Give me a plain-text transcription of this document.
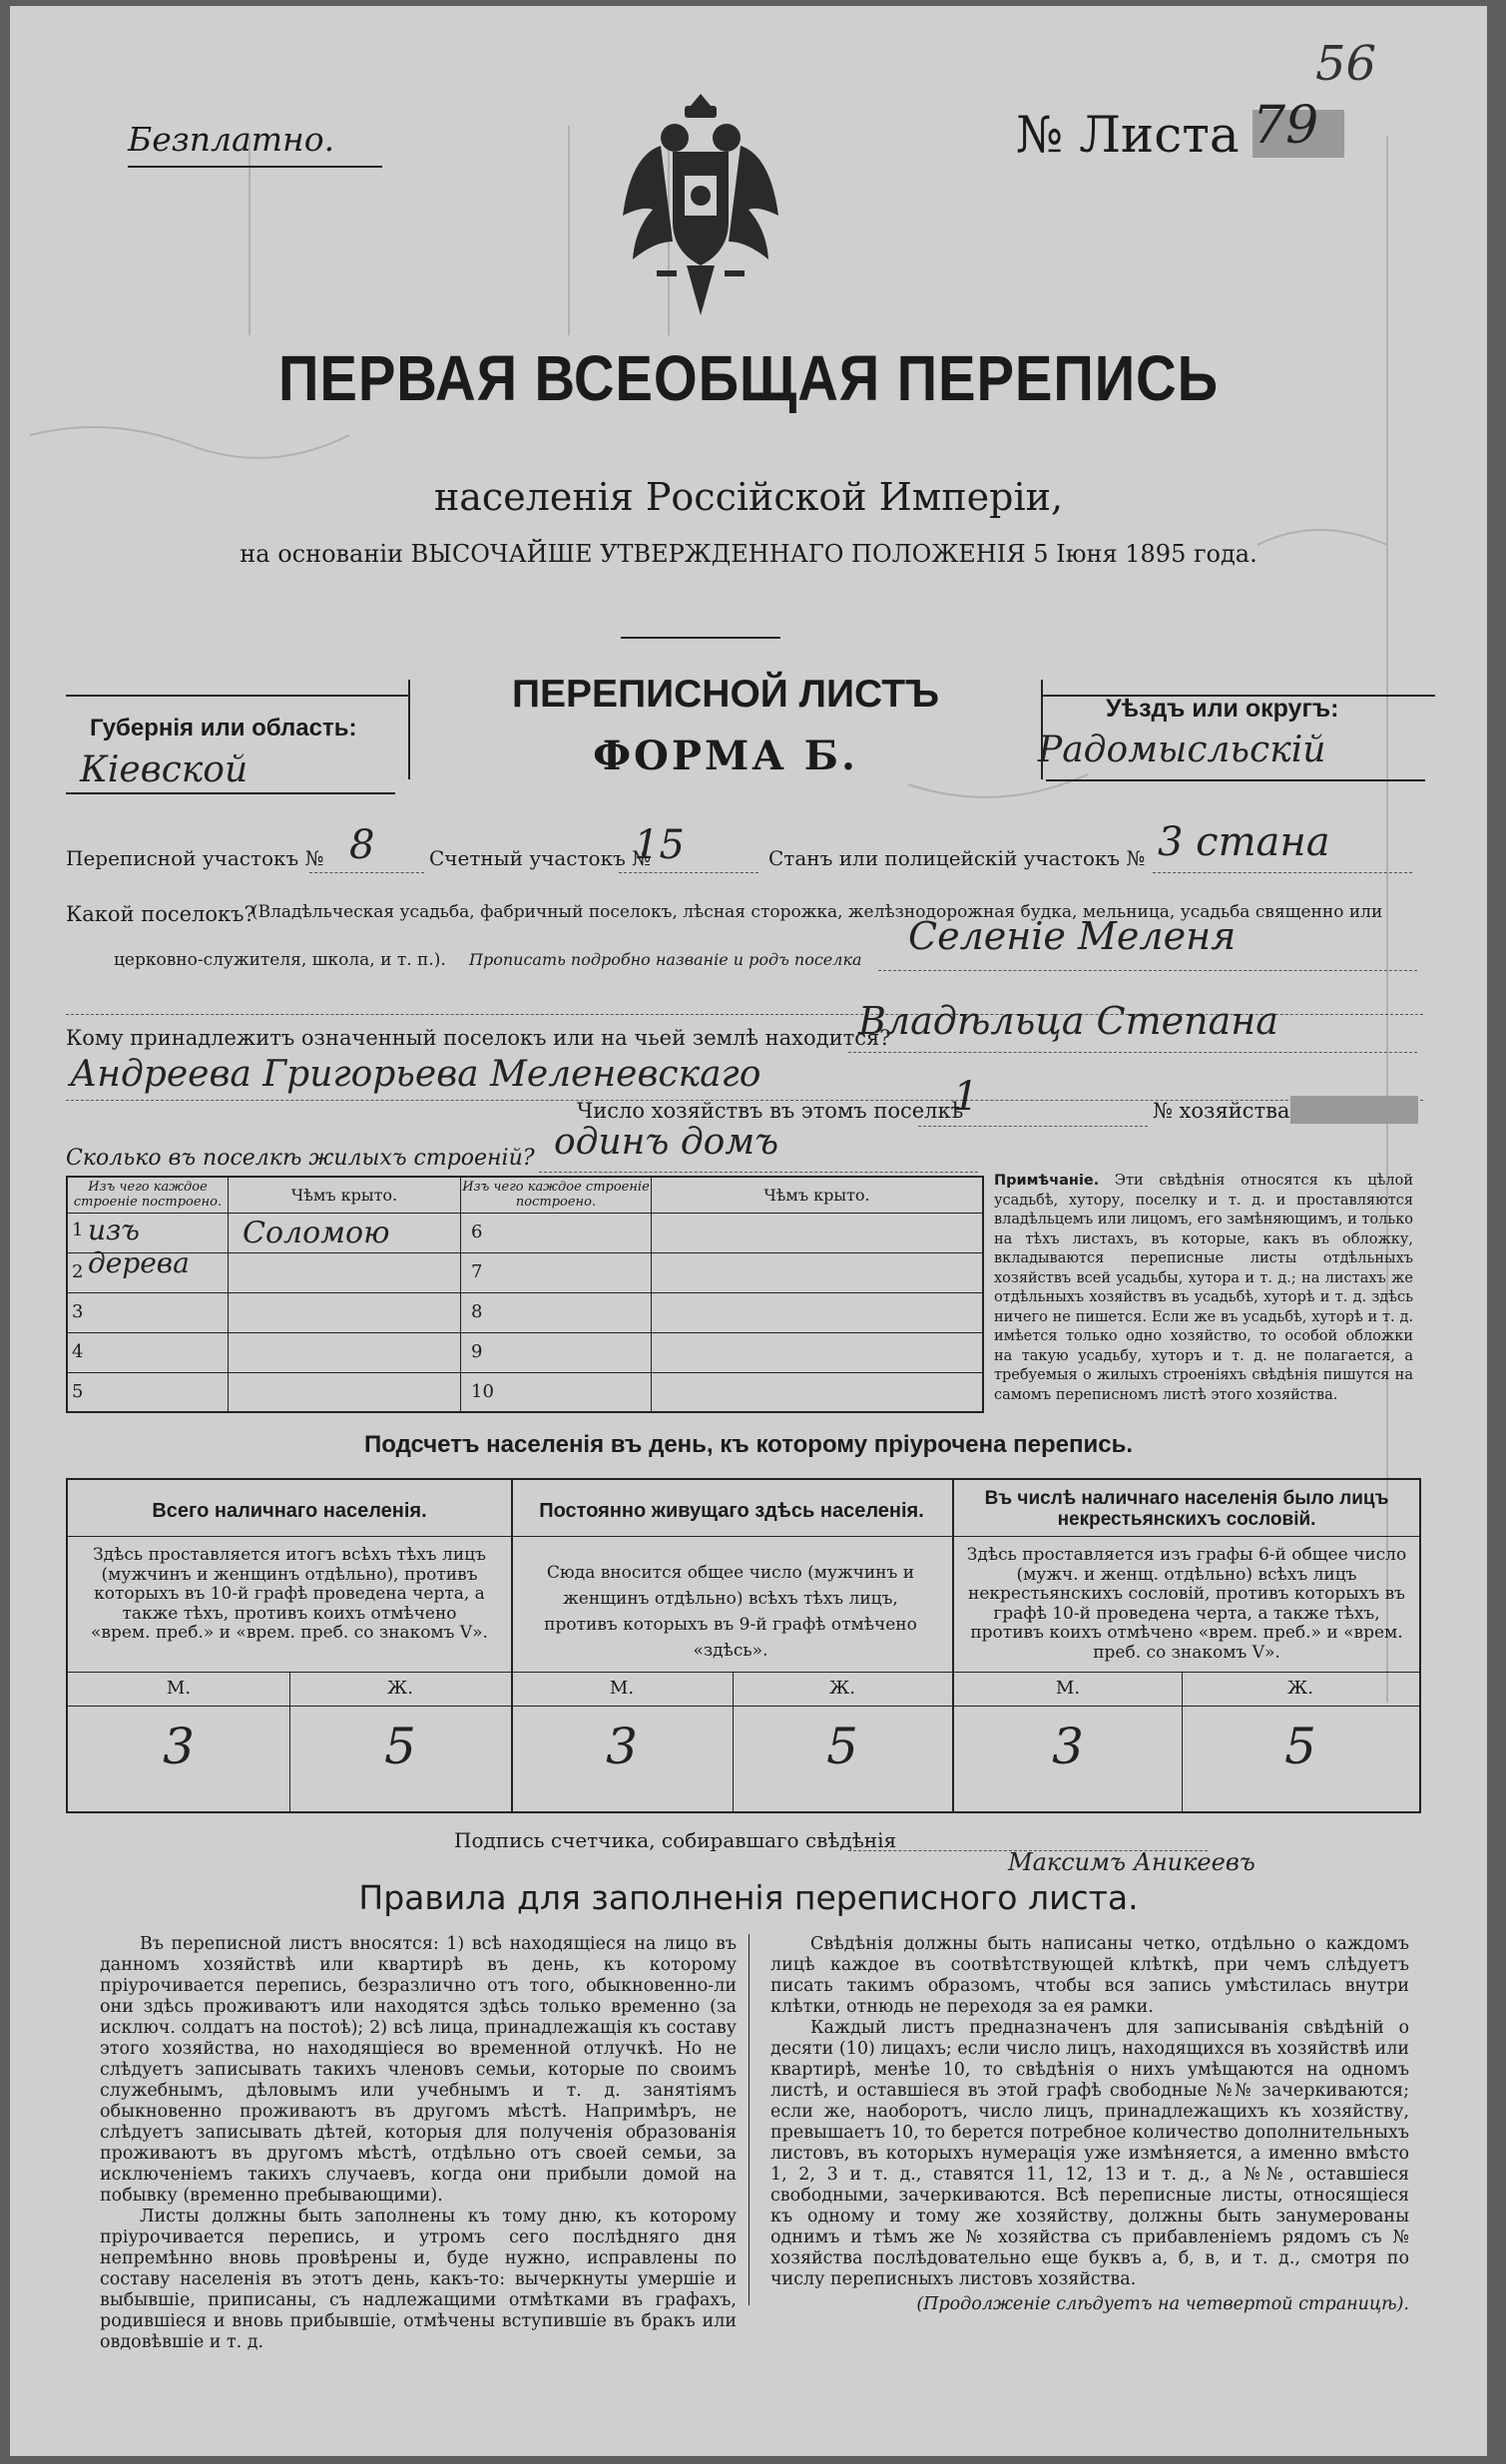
Безплатно.	№ Листа 79
56
ПЕРВАЯ ВСЕОБЩАЯ ПЕРЕПИСЬ
населенія Россійской Имперіи,
на основаніи ВЫСОЧАЙШЕ УТВЕРЖДЕННАГО ПОЛОЖЕНІЯ 5 Іюня 1895 года.
Губернія или область:
Кіевской
ПЕРЕПИСНОЙ ЛИСТЪ
ФОРМА Б.
Уѣздъ или округъ:
Радомысльскій
Переписной участокъ № 8	Счетный участокъ №
15	Станъ или полицейскій участокъ № 3 стана
Какой поселокъ?
(Владѣльческая усадьба, фабричный поселокъ, лѣсная сторожка, желѣзнодорожная будка, мельница, усадьба священно или
церковно-служителя, школа, и т. п.). Прописать подробно названіе и родъ поселка
Селеніе Меленя
Кому принадлежитъ означенный поселокъ или на чьей землѣ находится?
Владѣльца Степана
Андреева Григорьева Меленевскаго
Число хозяйствъ въ этомъ поселкѣ
1	№ хозяйства
Сколько въ поселкѣ жилыхъ строеній? одинъ домъ
Изъ чего каждое строеніе построено.	Чѣмъ крыто.	Изъ чего каждое строеніе построено.	Чѣмъ крыто.

1 изъ дерева	Соломою	6	

2		7	

3		8	

4		9	

5		10	

Примѣчаніе. Эти свѣдѣнія относятся къ цѣлой усадьбѣ, хутору, поселку и т. д. и проставляются владѣльцемъ или лицомъ, его замѣняющимъ, и только на тѣхъ листахъ, въ которые, какъ въ обложку, вкладываются переписные листы отдѣльныхъ хозяйствъ всей усадьбы, хутора и т. д.; на листахъ же отдѣльныхъ хозяйствъ въ усадьбѣ, хуторѣ и т. д. здѣсь ничего не пишется. Если же въ усадьбѣ, хуторѣ и т. д. имѣется только одно хозяйство, то особой обложки на такую усадьбу, хуторъ и т. д. не полагается, а требуемыя о жилыхъ строеніяхъ свѣдѣнія пишутся на самомъ переписномъ листѣ этого хозяйства.
Подсчетъ населенія въ день, къ которому пріурочена перепись.
Всего наличнаго населенія.
Здѣсь проставляется итогъ всѣхъ тѣхъ лицъ (мужчинъ и женщинъ отдѣльно), противъ которыхъ въ 10-й графѣ проведена черта, а также тѣхъ, противъ коихъ отмѣчено «врем. преб.» и «врем. преб. со знакомъ V».
Постоянно живущаго здѣсь населенія.
Сюда вносится общее число (мужчинъ и женщинъ отдѣльно) всѣхъ тѣхъ лицъ, противъ которыхъ въ 9-й графѣ отмѣчено «здѣсь».
Въ числѣ наличнаго населенія было лицъ некрестьянскихъ сословій.
Здѣсь проставляется изъ графы 6-й общее число (мужч. и женщ. отдѣльно) всѣхъ лицъ некрестьянскихъ сословій, противъ которыхъ въ графѣ 10-й проведена черта, а также тѣхъ, противъ коихъ отмѣчено «врем. преб.» и «врем. преб. со знакомъ V».
М.	Ж.	М.	Ж.	М.	Ж.
3	5	3	5	3	5
Подпись счетчика, собиравшаго свѣдѣнія
Максимъ Аникеевъ
Правила для заполненія переписного листа.
Въ переписной листъ вносятся: 1) всѣ находящіеся на лицо въ данномъ хозяйствѣ или квартирѣ въ день, къ которому пріурочивается перепись, безразлично отъ того, обыкновенно-ли они здѣсь проживаютъ или находятся здѣсь только временно (за исключ. солдатъ на постоѣ); 2) всѣ лица, принадлежащія къ составу этого хозяйства, но находящіеся во временной отлучкѣ. Но не слѣдуетъ записывать такихъ членовъ семьи, которые по своимъ служебнымъ, дѣловымъ или учебнымъ и т. д. занятіямъ обыкновенно проживаютъ въ другомъ мѣстѣ. Напримѣръ, не слѣдуетъ записывать дѣтей, которыя для полученія образованія проживаютъ въ другомъ мѣстѣ, отдѣльно отъ своей семьи, за исключеніемъ такихъ случаевъ, когда они прибыли домой на побывку (временно пребывающими).
Листы должны быть заполнены къ тому дню, къ которому пріурочивается перепись, и утромъ сего послѣдняго дня непремѣнно вновь провѣрены и, буде нужно, исправлены по составу населенія въ этотъ день, какъ-то: вычеркнуты умершіе и выбывшіе, приписаны, съ надлежащими отмѣтками въ графахъ, родившіеся и вновь прибывшіе, отмѣчены вступившіе въ бракъ или овдовѣвшіе и т. д.
Свѣдѣнія должны быть написаны четко, отдѣльно о каждомъ лицѣ каждое въ соотвѣтствующей клѣткѣ, при чемъ слѣдуетъ писать такимъ образомъ, чтобы вся запись умѣстилась внутри клѣтки, отнюдь не переходя за ея рамки.
Каждый листъ предназначенъ для записыванія свѣдѣній о десяти (10) лицахъ; если число лицъ, находящихся въ хозяйствѣ или квартирѣ, менѣе 10, то свѣдѣнія о нихъ умѣщаются на одномъ листѣ, и оставшіеся въ этой графѣ свободные №№ зачеркиваются; если же, наоборотъ, число лицъ, принадлежащихъ къ хозяйству, превышаетъ 10, то берется потребное количество дополнительныхъ листовъ, въ которыхъ нумерація уже измѣняется, а именно вмѣсто 1, 2, 3 и т. д., ставятся 11, 12, 13 и т. д., а №№, оставшіеся свободными, зачеркиваются. Всѣ переписные листы, относящіеся къ одному и тому же хозяйству, должны быть занумерованы однимъ и тѣмъ же № хозяйства съ прибавленіемъ рядомъ съ № хозяйства послѣдовательно еще буквъ а, б, в, и т. д., смотря по числу переписныхъ листовъ хозяйства.
(Продолженіе слѣдуетъ на четвертой страницѣ).
